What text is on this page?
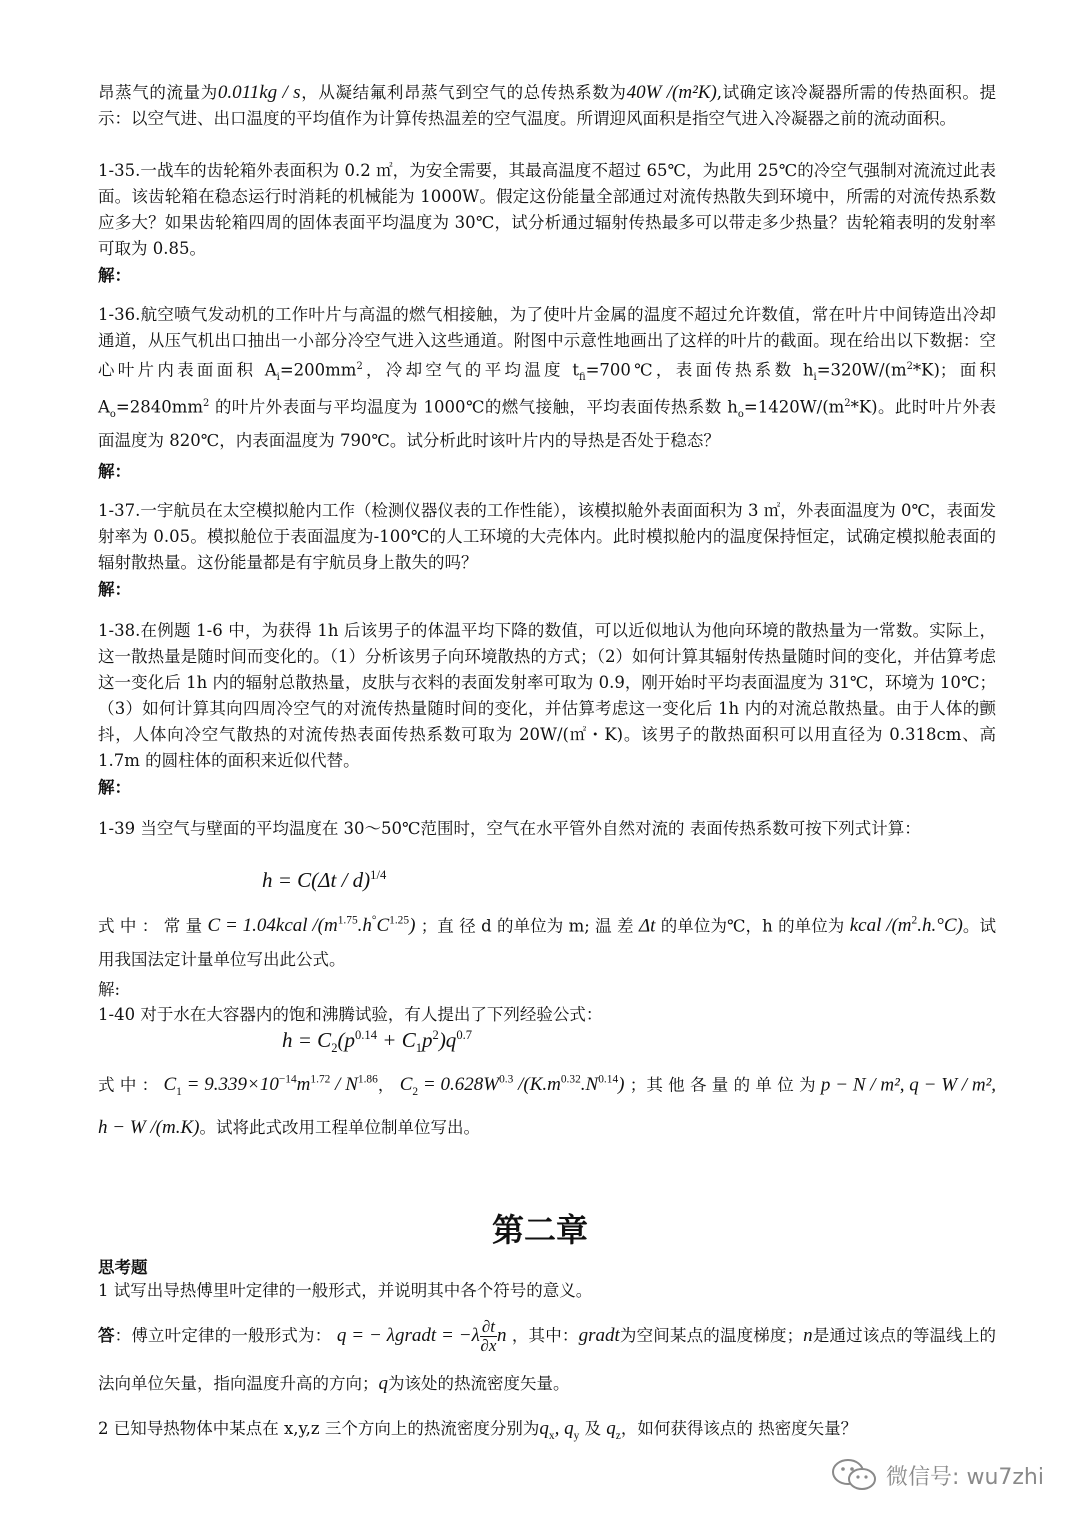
昂蒸气的流量为0.011kg / s，从凝结氟利昂蒸气到空气的总传热系数为40W /(m²K),试确定该冷凝器所需的传热面积。提示：以空气进、出口温度的平均值作为计算传热温差的空气温度。所谓迎风面积是指空气进入冷凝器之前的流动面积。

1-35.一战车的齿轮箱外表面积为 0.2 ㎡，为安全需要，其最高温度不超过 65℃，为此用 25℃的冷空气强制对流流过此表面。该齿轮箱在稳态运行时消耗的机械能为 1000W。假定这份能量全部通过对流传热散失到环境中，所需的对流传热系数应多大？如果齿轮箱四周的固体表面平均温度为 30℃，试分析通过辐射传热最多可以带走多少热量？齿轮箱表明的发射率可取为 0.85。

解：

1-36.航空喷气发动机的工作叶片与高温的燃气相接触，为了使叶片金属的温度不超过允许数值，常在叶片中间铸造出冷却通道，从压气机出口抽出一小部分冷空气进入这些通道。附图中示意性地画出了这样的叶片的截面。现在给出以下数据：空心叶片内表面面积 $A_i=200mm^2$，冷却空气的平均温度 $t_{fi}=700℃$，表面传热系数 $h_i=320W/(m^2*K)$；面积 $A_o=2840mm^2$ 的叶片外表面与平均温度为 1000℃的燃气接触，平均表面传热系数 $h_o=1420W/(m^2*K)$。此时叶片外表面温度为 820℃，内表面温度为 790℃。试分析此时该叶片内的导热是否处于稳态？

解：

1-37.一宇航员在太空模拟舱内工作（检测仪器仪表的工作性能），该模拟舱外表面面积为 3 ㎡，外表面温度为 0℃，表面发射率为 0.05。模拟舱位于表面温度为-100℃的人工环境的大壳体内。此时模拟舱内的温度保持恒定，试确定模拟舱表面的辐射散热量。这份能量都是有宇航员身上散失的吗？

解：

1-38.在例题 1-6 中，为获得 1h 后该男子的体温平均下降的数值，可以近似地认为他向环境的散热量为一常数。实际上，这一散热量是随时间而变化的。（1）分析该男子向环境散热的方式；（2）如何计算其辐射传热量随时间的变化，并估算考虑这一变化后 1h 内的辐射总散热量，皮肤与衣料的表面发射率可取为 0.9，刚开始时平均表面温度为 31℃，环境为 10℃；（3）如何计算其向四周冷空气的对流传热量随时间的变化，并估算考虑这一变化后 1h 内的对流总散热量。由于人体的颤抖，人体向冷空气散热的对流传热表面传热系数可取为 20W/(㎡・K)。该男子的散热面积可以用直径为 0.318cm、高 1.7m 的圆柱体的面积来近似代替。

解：

1-39 当空气与壁面的平均温度在 30～50℃范围时，空气在水平管外自然对流的 表面传热系数可按下列式计算：

h = C(Δt / d)$^{1/4}$

式 中 ： 常 量 C = 1.04kcal $/(m^{1.75}.h^\circ C^{1.25})$ ；直 径 d 的单位为 m; 温 差 Δt 的单位为℃，h 的单位为 kcal $/(m^2.h.^\circ C)$。试用我国法定计量单位写出此公式。

解:

1-40 对于水在大容器内的饱和沸腾试验，有人提出了下列经验公式：

$h = C_2(p^{0.14} + C_1p^2)q^{0.7}$

式 中 ： $C_1 = 9.339\times 10^{-14}m^{1.72} / N^{1.86}$， $C_2 = 0.628W^{0.3}$ $/(K.m^{0.32}.N^{0.14})$ ；其 他 各 量 的 单 位 为 p − N / m², q − W / m², h − W /(m.K)。试将此式改用工程单位制单位写出。

第二章
思考题

1 试写出导热傅里叶定律的一般形式，并说明其中各个符号的意义。

答：傅立叶定律的一般形式为： q = − λgradt = $-\lambda \frac{\partial t}{\partial x}$ n ，其中：gradt为空间某点的温度梯度；n是通过该点的等温线上的法向单位矢量，指向温度升高的方向；q为该处的热流密度矢量。

2 已知导热物体中某点在 x,y,z 三个方向上的热流密度分别为$q_x$, $q_y$ 及 $q_z$，如何获得该点的 热密度矢量？

微信号: wu7zhi
